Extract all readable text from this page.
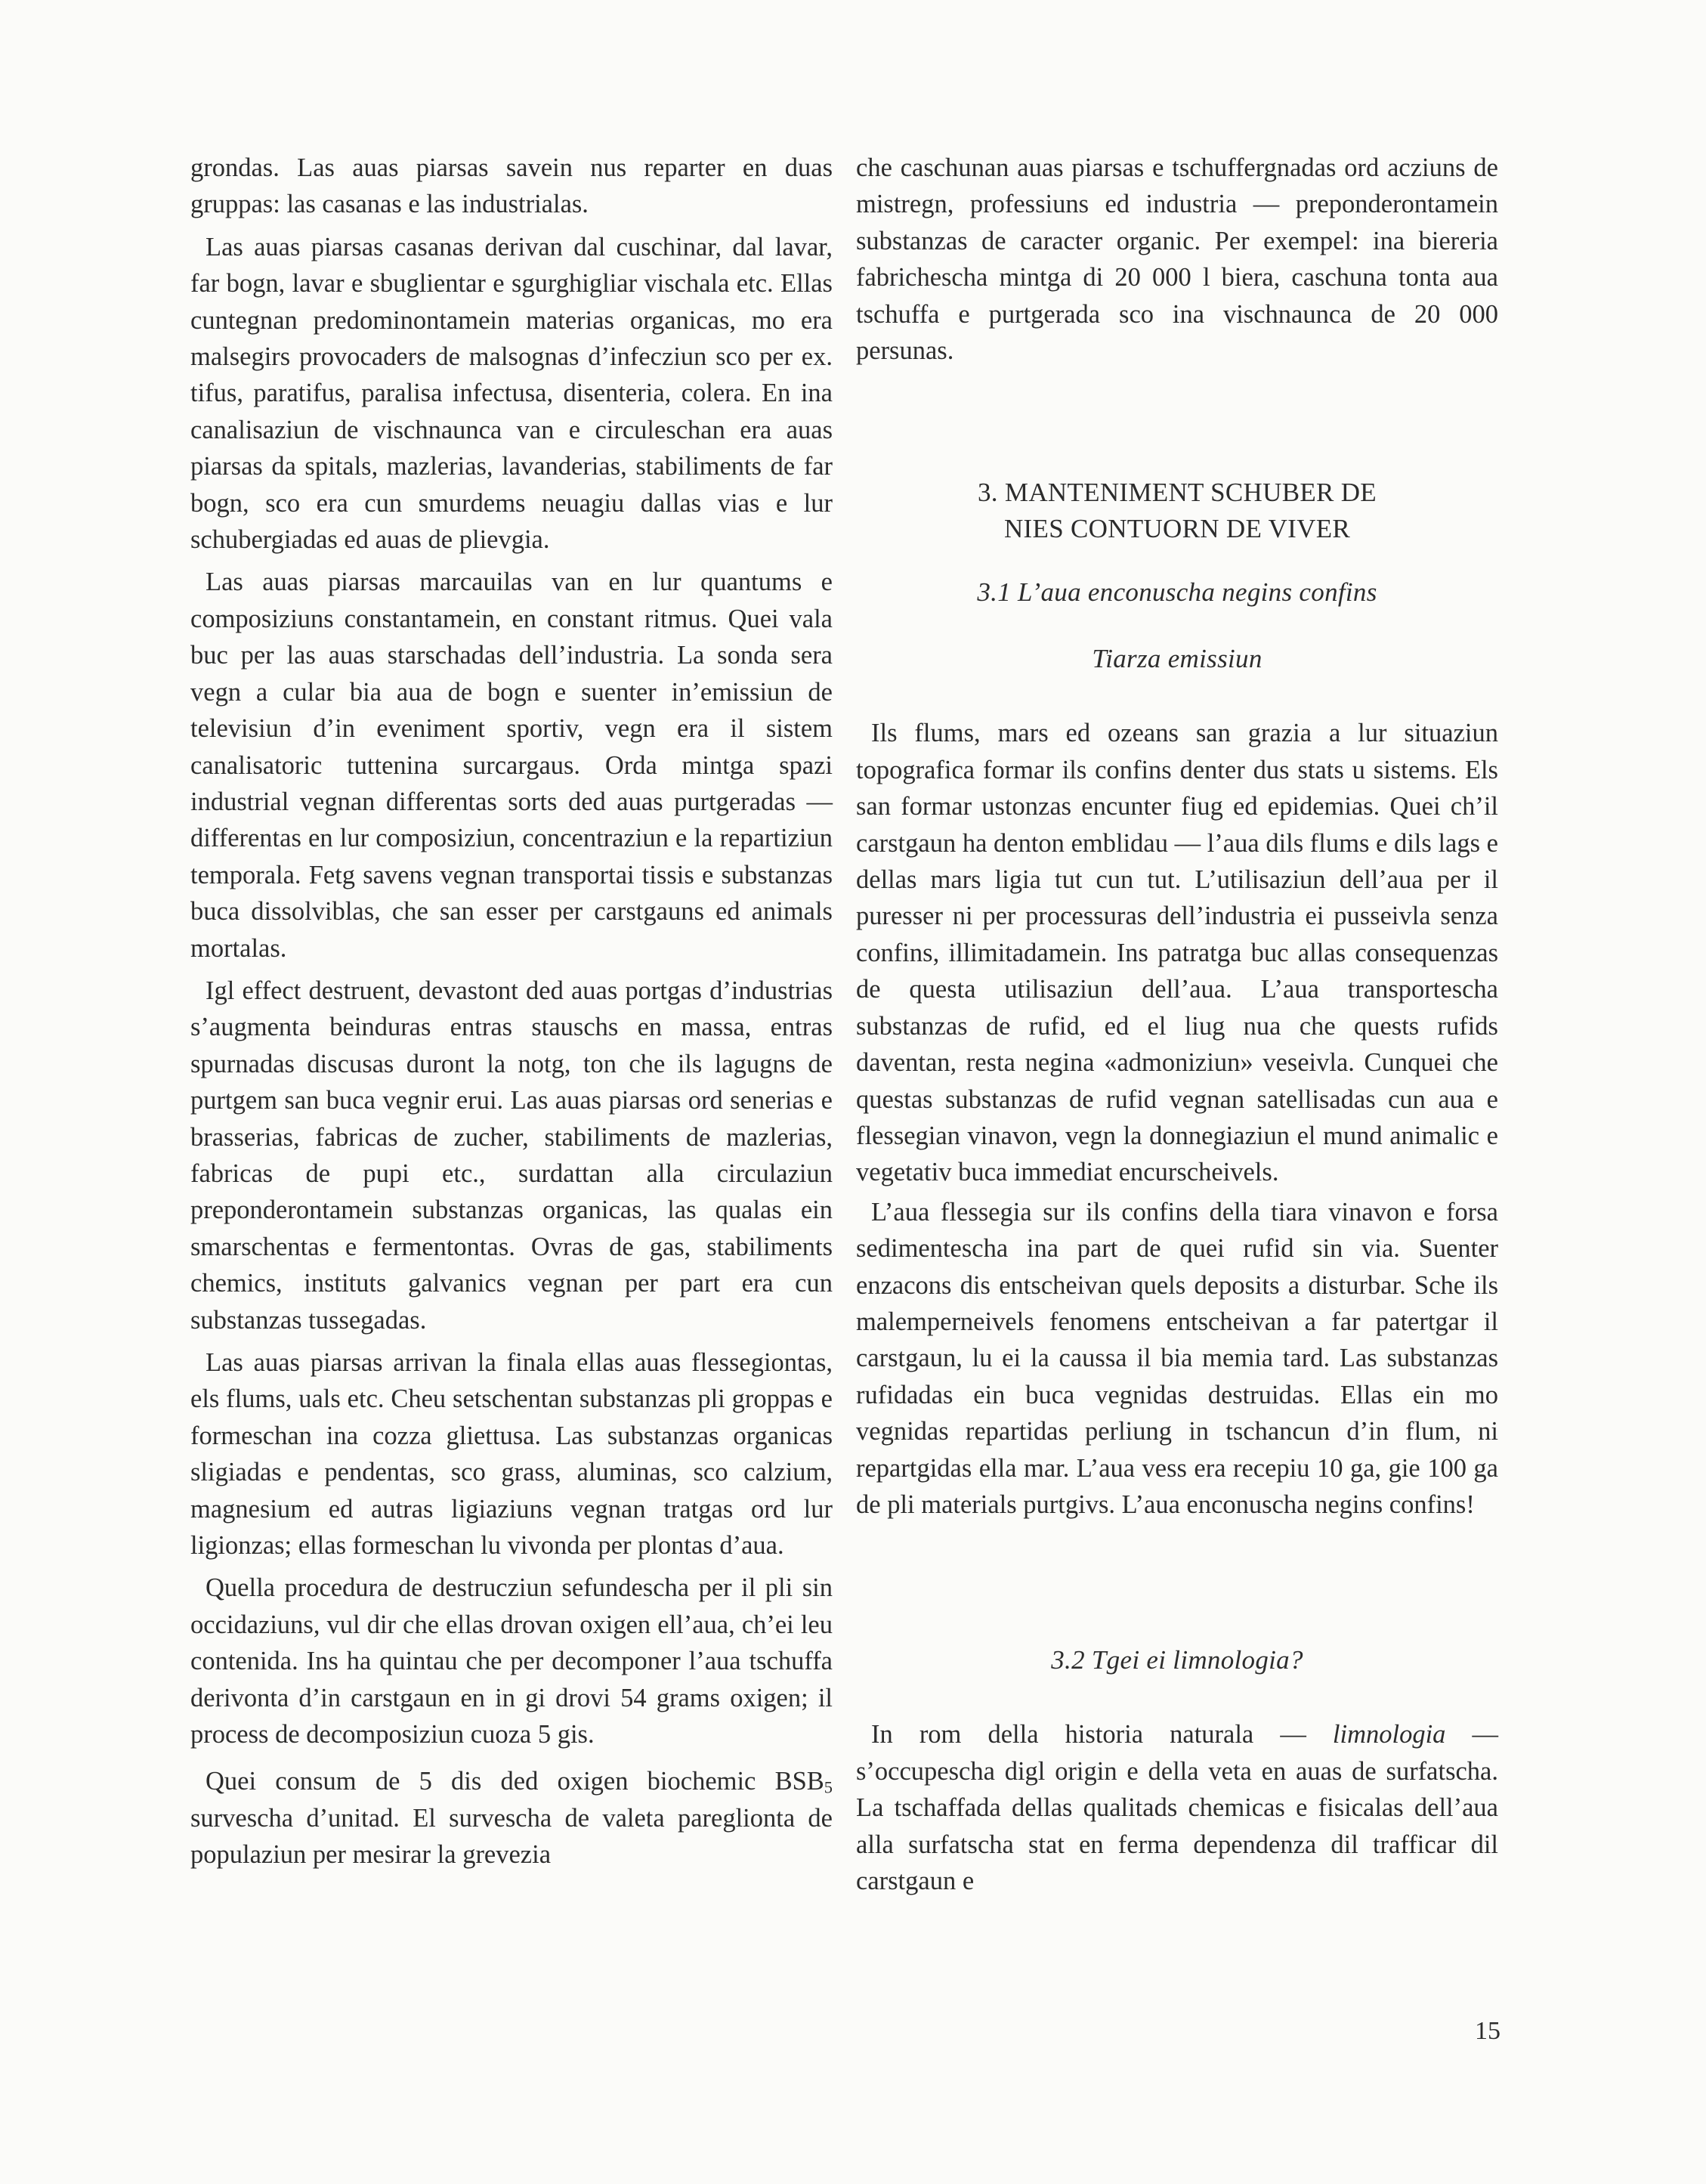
grondas. Las auas piarsas savein nus reparter en duas gruppas: las casanas e las industrialas.

Las auas piarsas casanas derivan dal cuschinar, dal lavar, far bogn, lavar e sbuglientar e sgurghigliar vischala etc. Ellas cuntegnan predominontamein materias organicas, mo era malsegirs provocaders de malsognas d’infecziun sco per ex. tifus, paratifus, paralisa infectusa, disenteria, colera. En ina canalisaziun de vischnaunca van e circuleschan era auas piarsas da spitals, mazlerias, lavanderias, stabiliments de far bogn, sco era cun smurdems neuagiu dallas vias e lur schubergiadas ed auas de plievgia.

Las auas piarsas marcauilas van en lur quantums e composiziuns constantamein, en constant ritmus. Quei vala buc per las auas starschadas dell’industria. La sonda sera vegn a cular bia aua de bogn e suenter in’emissiun de televisiun d’in eveniment sportiv, vegn era il sistem canalisatoric tuttenina surcargaus. Orda mintga spazi industrial vegnan differentas sorts ded auas purtgeradas — differentas en lur composiziun, concentraziun e la repartiziun temporala. Fetg savens vegnan transportai tissis e substanzas buca dissolviblas, che san esser per carstgauns ed animals mortalas.

Igl effect destruent, devastont ded auas portgas d’industrias s’augmenta beinduras entras stauschs en massa, entras spurnadas discusas duront la notg, ton che ils lagugns de purtgem san buca vegnir erui. Las auas piarsas ord senerias e brasserias, fabricas de zucher, stabiliments de mazlerias, fabricas de pupi etc., surdattan alla circulaziun preponderontamein substanzas organicas, las qualas ein smarschentas e fermentontas. Ovras de gas, stabiliments chemics, instituts galvanics vegnan per part era cun substanzas tussegadas.

Las auas piarsas arrivan la finala ellas auas flessegiontas, els flums, uals etc. Cheu setschentan substanzas pli groppas e formeschan ina cozza gliettusa. Las substanzas organicas sligiadas e pendentas, sco grass, aluminas, sco calzium, magnesium ed autras ligiaziuns vegnan tratgas ord lur ligionzas; ellas formeschan lu vivonda per plontas d’aua.

Quella procedura de destrucziun sefundescha per il pli sin occidaziuns, vul dir che ellas drovan oxigen ell’aua, ch’ei leu contenida. Ins ha quintau che per decomponer l’aua tschuffa derivonta d’in carstgaun en in gi drovi 54 grams oxigen; il process de decomposiziun cuoza 5 gis.

Quei consum de 5 dis ded oxigen biochemic $BSB_5$ survescha d’unitad. El survescha de valeta pareglionta de populaziun per mesirar la grevezia

che caschunan auas piarsas e tschuffergnadas ord acziuns de mistregn, professiuns ed industria — preponderontamein substanzas de caracter organic. Per exempel: ina biereria fabrichescha mintga di 20 000 l biera, caschuna tonta aua tschuffa e purtgerada sco ina vischnaunca de 20 000 persunas.

3. MANTENIMENT SCHUBER DE
NIES CONTUORN DE VIVER
3.1 L’aua enconuscha negins confins
Tiarza emissiun

Ils flums, mars ed ozeans san grazia a lur situaziun topografica formar ils confins denter dus stats u sistems. Els san formar ustonzas encunter fiug ed epidemias. Quei ch’il carstgaun ha denton emblidau — l’aua dils flums e dils lags e dellas mars ligia tut cun tut. L’utilisaziun dell’aua per il puresser ni per processuras dell’industria ei pusseivla senza confins, illimitadamein. Ins patratga buc allas consequenzas de questa utilisaziun dell’aua. L’aua transportescha substanzas de rufid, ed el liug nua che quests rufids daventan, resta negina «admoniziun» veseivla. Cunquei che questas substanzas de rufid vegnan satellisadas cun aua e flessegian vinavon, vegn la donnegiaziun el mund animalic e vegetativ buca immediat encurscheivels.

L’aua flessegia sur ils confins della tiara vinavon e forsa sedimentescha ina part de quei rufid sin via. Suenter enzacons dis entscheivan quels deposits a disturbar. Sche ils malemperneivels fenomens entscheivan a far patertgar il carstgaun, lu ei la caussa il bia memia tard. Las substanzas rufidadas ein buca vegnidas destruidas. Ellas ein mo vegnidas repartidas perliung in tschancun d’in flum, ni repartgidas ella mar. L’aua vess era recepiu 10 ga, gie 100 ga de pli materials purtgivs. L’aua enconuscha negins confins!

3.2 Tgei ei limnologia?

In rom della historia naturala — limnologia — s’occupescha digl origin e della veta en auas de surfatscha. La tschaffada dellas qualitads chemicas e fisicalas dell’aua alla surfatscha stat en ferma dependenza dil trafficar dil carstgaun e

15
